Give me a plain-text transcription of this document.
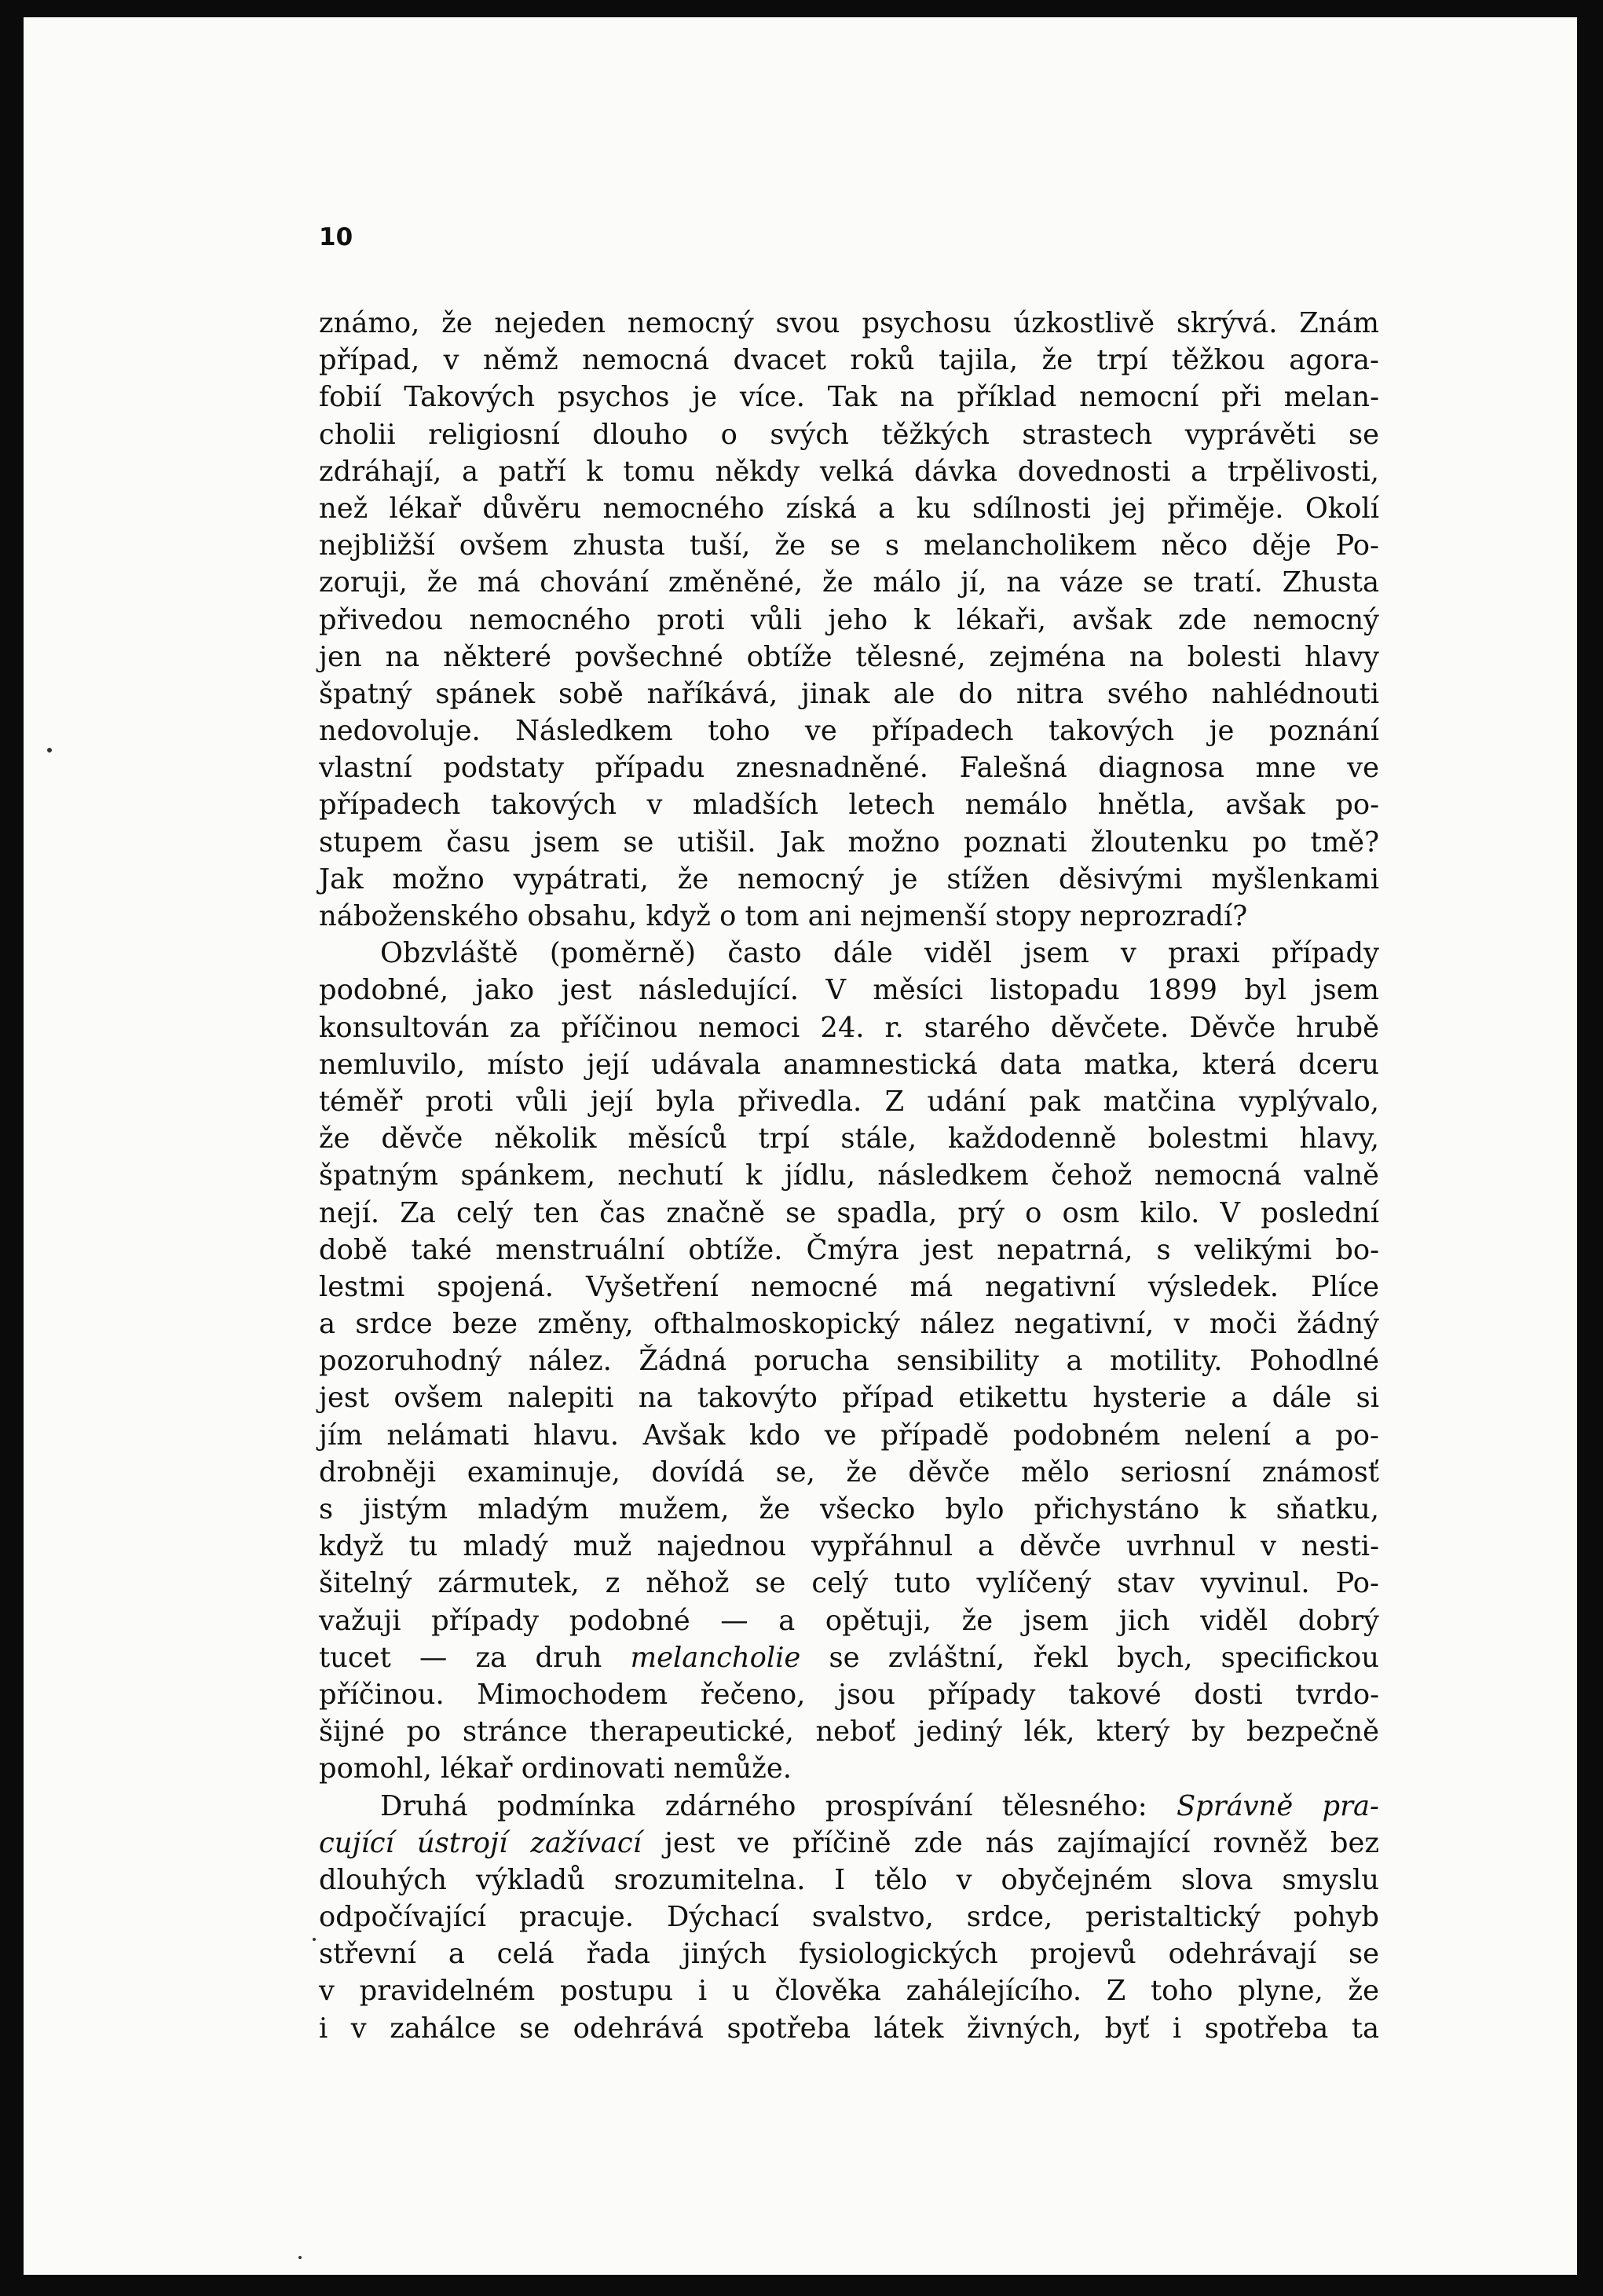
10
známo, že nejeden nemocný svou psychosu úzkostlivě skrývá. Znám
případ, v němž nemocná dvacet roků tajila, že trpí těžkou agora-
fobií Takových psychos je více. Tak na příklad nemocní při melan-
cholii religiosní dlouho o svých těžkých strastech vyprávěti se
zdráhají, a patří k tomu někdy velká dávka dovednosti a trpělivosti,
než lékař důvěru nemocného získá a ku sdílnosti jej přiměje. Okolí
nejbližší ovšem zhusta tuší, že se s melancholikem něco děje Po-
zoruji, že má chování změněné, že málo jí, na váze se tratí. Zhusta
přivedou nemocného proti vůli jeho k lékaři, avšak zde nemocný
jen na některé povšechné obtíže tělesné, zejména na bolesti hlavy
špatný spánek sobě naříkává, jinak ale do nitra svého nahlédnouti
nedovoluje. Následkem toho ve případech takových je poznání
vlastní podstaty případu znesnadněné. Falešná diagnosa mne ve
případech takových v mladších letech nemálo hnětla, avšak po-
stupem času jsem se utišil. Jak možno poznati žloutenku po tmě?
Jak možno vypátrati, že nemocný je stížen děsivými myšlenkami
náboženského obsahu, když o tom ani nejmenší stopy neprozradí?
Obzvláště (poměrně) často dále viděl jsem v praxi případy
podobné, jako jest následující. V měsíci listopadu 1899 byl jsem
konsultován za příčinou nemoci 24. r. starého děvčete. Děvče hrubě
nemluvilo, místo její udávala anamnestická data matka, která dceru
téměř proti vůli její byla přivedla. Z udání pak matčina vyplývalo,
že děvče několik měsíců trpí stále, každodenně bolestmi hlavy,
špatným spánkem, nechutí k jídlu, následkem čehož nemocná valně
nejí. Za celý ten čas značně se spadla, prý o osm kilo. V poslední
době také menstruální obtíže. Čmýra jest nepatrná, s velikými bo-
lestmi spojená. Vyšetření nemocné má negativní výsledek. Plíce
a srdce beze změny, ofthalmoskopický nález negativní, v moči žádný
pozoruhodný nález. Žádná porucha sensibility a motility. Pohodlné
jest ovšem nalepiti na takovýto případ etikettu hysterie a dále si
jím nelámati hlavu. Avšak kdo ve případě podobném nelení a po-
drobněji examinuje, dovídá se, že děvče mělo seriosní známosť
s jistým mladým mužem, že všecko bylo přichystáno k sňatku,
když tu mladý muž najednou vypřáhnul a děvče uvrhnul v nesti-
šitelný zármutek, z něhož se celý tuto vylíčený stav vyvinul. Po-
važuji případy podobné — a opětuji, že jsem jich viděl dobrý
tucet — za druh melancholie se zvláštní, řekl bych, specifickou
příčinou. Mimochodem řečeno, jsou případy takové dosti tvrdo-
šijné po stránce therapeutické, neboť jediný lék, který by bezpečně
pomohl, lékař ordinovati nemůže.
Druhá podmínka zdárného prospívání tělesného: Správně pra-
cující ústrojí zažívací jest ve příčině zde nás zajímající rovněž bez
dlouhých výkladů srozumitelna. I tělo v obyčejném slova smyslu
odpočívající pracuje. Dýchací svalstvo, srdce, peristaltický pohyb
střevní a celá řada jiných fysiologických projevů odehrávají se
v pravidelném postupu i u člověka zahálejícího. Z toho plyne, že
i v zahálce se odehrává spotřeba látek živných, byť i spotřeba ta
